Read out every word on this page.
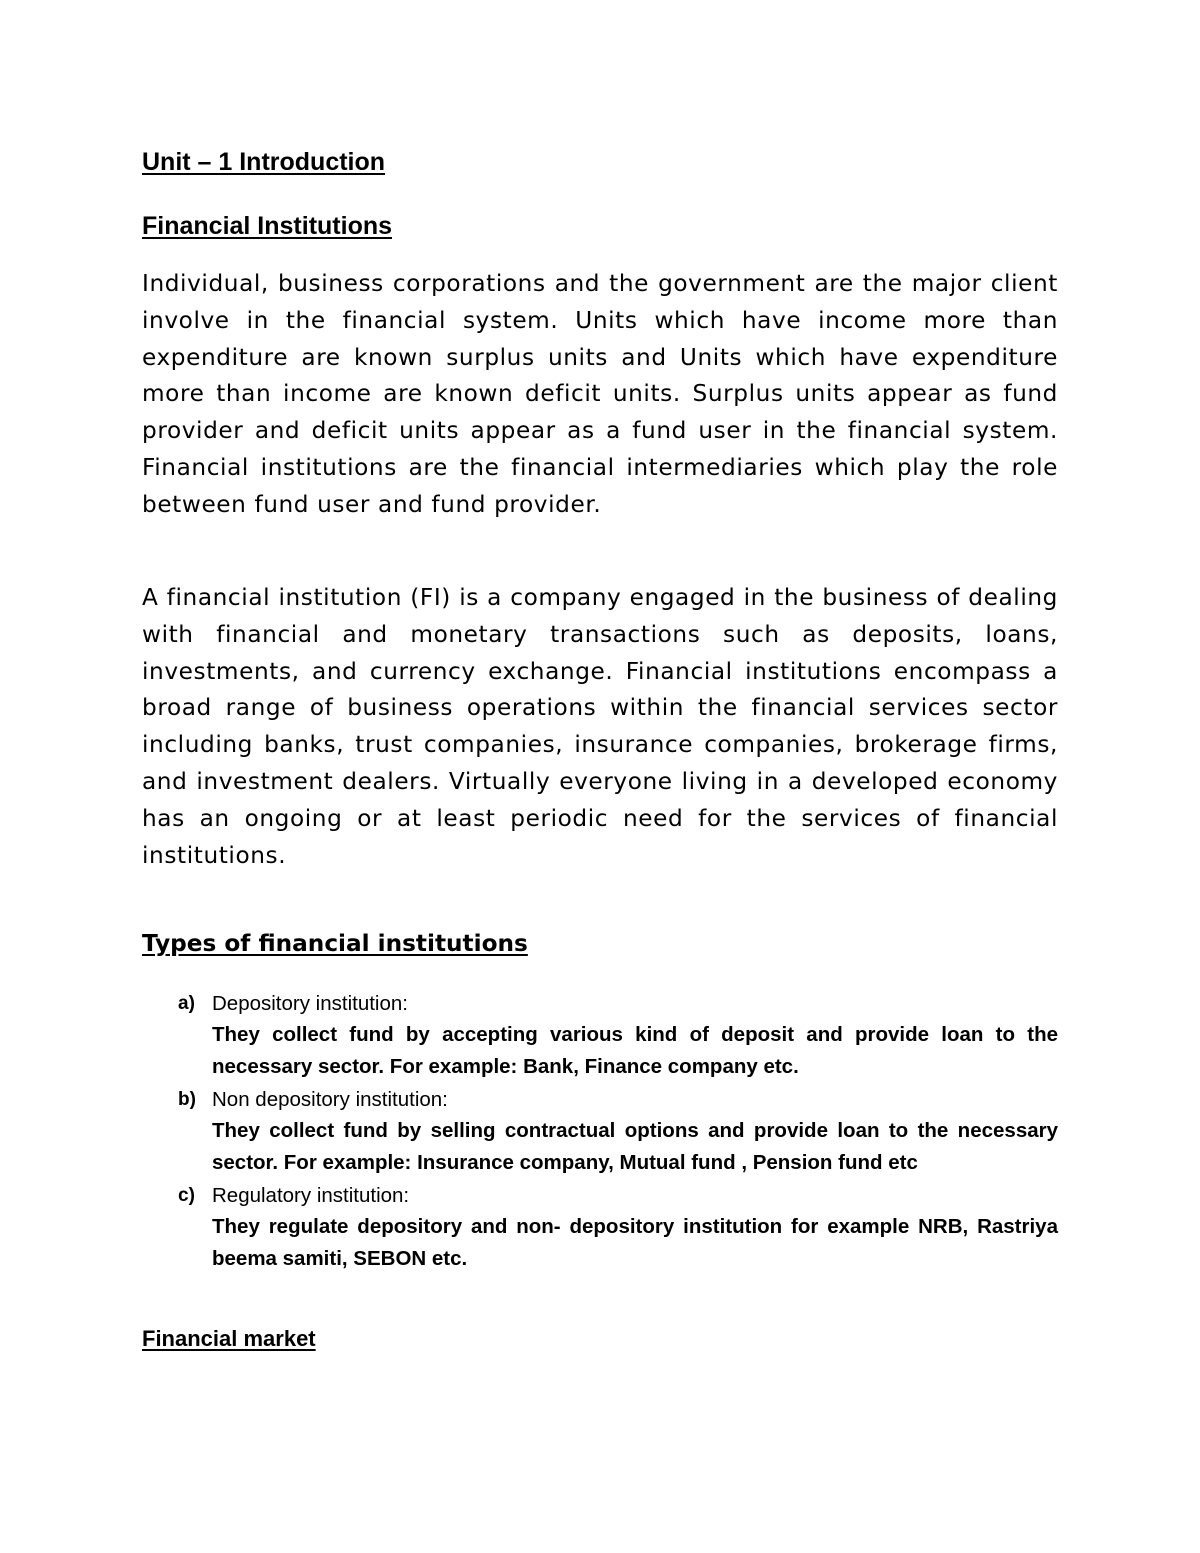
Unit – 1 Introduction
Financial Institutions

Individual, business corporations and the government are the major client involve in the financial system. Units which have income more than expenditure are known surplus units and Units which have expenditure more than income are known deficit units. Surplus units appear as fund provider and deficit units appear as a fund user in the financial system. Financial institutions are the financial intermediaries which play the role between fund user and fund provider.

A financial institution (FI) is a company engaged in the business of dealing with financial and monetary transactions such as deposits, loans, investments, and currency exchange. Financial institutions encompass a broad range of business operations within the financial services sector including banks, trust companies, insurance companies, brokerage firms, and investment dealers. Virtually everyone living in a developed economy has an ongoing or at least periodic need for the services of financial institutions.

Types of financial institutions
a) Depository institution:

They collect fund by accepting various kind of deposit and provide loan to the necessary sector. For example: Bank, Finance company etc.

b) Non depository institution:

They collect fund by selling contractual options and provide loan to the necessary sector. For example: Insurance company, Mutual fund , Pension fund etc

c) Regulatory institution:

They regulate depository and non- depository institution for example NRB, Rastriya beema samiti, SEBON etc.

Financial market
